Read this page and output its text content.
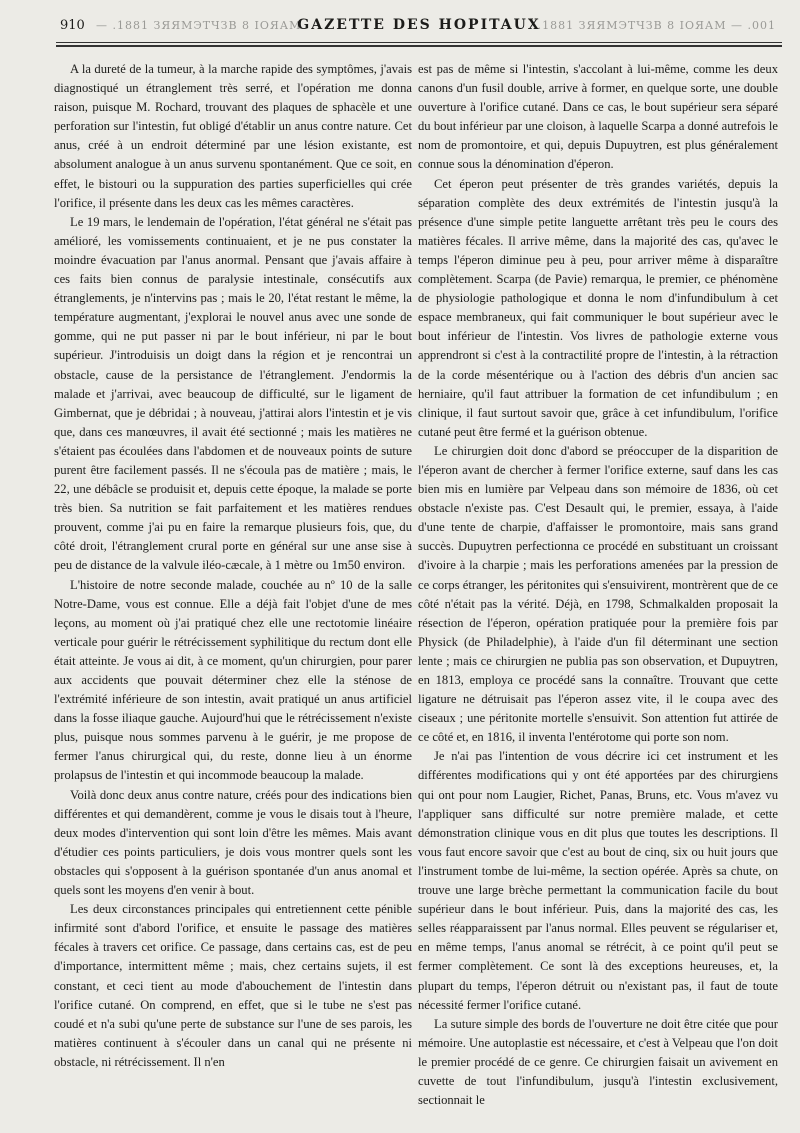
910 — .1881 ЗЯЯМЭТЧЗВ 8 ІОЯАМ
GAZETTE DES HOPITAUX
.1881 ЗЯЯМЭТЧЗВ 8 ІОЯАМ — .001

A la dureté de la tumeur, à la marche rapide des symptômes, j'avais diagnostiqué un étranglement très serré, et l'opération me donna raison, puisque M. Rochard, trouvant des plaques de sphacèle et une perforation sur l'intestin, fut obligé d'établir un anus contre nature. Cet anus, créé à un endroit déterminé par une lésion existante, est absolument analogue à un anus survenu spontanément. Que ce soit, en effet, le bistouri ou la suppuration des parties superficielles qui crée l'orifice, il présente dans les deux cas les mêmes caractères.

Le 19 mars, le lendemain de l'opération, l'état général ne s'était pas amélioré, les vomissements continuaient, et je ne pus constater la moindre évacuation par l'anus anormal. Pensant que j'avais affaire à ces faits bien connus de paralysie intestinale, consécutifs aux étranglements, je n'intervins pas ; mais le 20, l'état restant le même, la température augmentant, j'explorai le nouvel anus avec une sonde de gomme, qui ne put passer ni par le bout inférieur, ni par le bout supérieur. J'introduisis un doigt dans la région et je rencontrai un obstacle, cause de la persistance de l'étranglement. J'endormis la malade et j'arrivai, avec beaucoup de difficulté, sur le ligament de Gimbernat, que je débridai ; à nouveau, j'attirai alors l'intestin et je vis que, dans ces manœuvres, il avait été sectionné ; mais les matières ne s'étaient pas écoulées dans l'abdomen et de nouveaux points de suture purent être facilement passés. Il ne s'écoula pas de matière ; mais, le 22, une débâcle se produisit et, depuis cette époque, la malade se porte très bien. Sa nutrition se fait parfaitement et les matières rendues prouvent, comme j'ai pu en faire la remarque plusieurs fois, que, du côté droit, l'étranglement crural porte en général sur une anse sise à peu de distance de la valvule iléo-cæcale, à 1 mètre ou 1m50 environ.

L'histoire de notre seconde malade, couchée au nº 10 de la salle Notre-Dame, vous est connue. Elle a déjà fait l'objet d'une de mes leçons, au moment où j'ai pratiqué chez elle une rectotomie linéaire verticale pour guérir le rétrécissement syphilitique du rectum dont elle était atteinte. Je vous ai dit, à ce moment, qu'un chirurgien, pour parer aux accidents que pouvait déterminer chez elle la sténose de l'extrémité inférieure de son intestin, avait pratiqué un anus artificiel dans la fosse iliaque gauche. Aujourd'hui que le rétrécissement n'existe plus, puisque nous sommes parvenu à le guérir, je me propose de fermer l'anus chirurgical qui, du reste, donne lieu à un énorme prolapsus de l'intestin et qui incommode beaucoup la malade.

Voilà donc deux anus contre nature, créés pour des indications bien différentes et qui demandèrent, comme je vous le disais tout à l'heure, deux modes d'intervention qui sont loin d'être les mêmes. Mais avant d'étudier ces points particuliers, je dois vous montrer quels sont les obstacles qui s'opposent à la guérison spontanée d'un anus anomal et quels sont les moyens d'en venir à bout.

Les deux circonstances principales qui entretiennent cette pénible infirmité sont d'abord l'orifice, et ensuite le passage des matières fécales à travers cet orifice. Ce passage, dans certains cas, est de peu d'importance, intermittent même ; mais, chez certains sujets, il est constant, et ceci tient au mode d'abouchement de l'intestin dans l'orifice cutané. On comprend, en effet, que si le tube ne s'est pas coudé et n'a subi qu'une perte de substance sur l'une de ses parois, les matières continuent à s'écouler dans un canal qui ne présente ni obstacle, ni rétrécissement. Il n'en

est pas de même si l'intestin, s'accolant à lui-même, comme les deux canons d'un fusil double, arrive à former, en quelque sorte, une double ouverture à l'orifice cutané. Dans ce cas, le bout supérieur sera séparé du bout inférieur par une cloison, à laquelle Scarpa a donné autrefois le nom de promontoire, et qui, depuis Dupuytren, est plus généralement connue sous la dénomination d'éperon.

Cet éperon peut présenter de très grandes variétés, depuis la séparation complète des deux extrémités de l'intestin jusqu'à la présence d'une simple petite languette arrêtant très peu le cours des matières fécales. Il arrive même, dans la majorité des cas, qu'avec le temps l'éperon diminue peu à peu, pour arriver même à disparaître complètement. Scarpa (de Pavie) remarqua, le premier, ce phénomène de physiologie pathologique et donna le nom d'infundibulum à cet espace membraneux, qui fait communiquer le bout supérieur avec le bout inférieur de l'intestin. Vos livres de pathologie externe vous apprendront si c'est à la contractilité propre de l'intestin, à la rétraction de la corde mésentérique ou à l'action des débris d'un ancien sac herniaire, qu'il faut attribuer la formation de cet infundibulum ; en clinique, il faut surtout savoir que, grâce à cet infundibulum, l'orifice cutané peut être fermé et la guérison obtenue.

Le chirurgien doit donc d'abord se préoccuper de la disparition de l'éperon avant de chercher à fermer l'orifice externe, sauf dans les cas bien mis en lumière par Velpeau dans son mémoire de 1836, où cet obstacle n'existe pas. C'est Desault qui, le premier, essaya, à l'aide d'une tente de charpie, d'affaisser le promontoire, mais sans grand succès. Dupuytren perfectionna ce procédé en substituant un croissant d'ivoire à la charpie ; mais les perforations amenées par la pression de ce corps étranger, les péritonites qui s'ensuivirent, montrèrent que de ce côté n'était pas la vérité. Déjà, en 1798, Schmalkalden proposait la résection de l'éperon, opération pratiquée pour la première fois par Physick (de Philadelphie), à l'aide d'un fil déterminant une section lente ; mais ce chirurgien ne publia pas son observation, et Dupuytren, en 1813, employa ce procédé sans la connaître. Trouvant que cette ligature ne détruisait pas l'éperon assez vite, il le coupa avec des ciseaux ; une péritonite mortelle s'ensuivit. Son attention fut attirée de ce côté et, en 1816, il inventa l'entérotome qui porte son nom.

Je n'ai pas l'intention de vous décrire ici cet instrument et les différentes modifications qui y ont été apportées par des chirurgiens qui ont pour nom Laugier, Richet, Panas, Bruns, etc. Vous m'avez vu l'appliquer sans difficulté sur notre première malade, et cette démonstration clinique vous en dit plus que toutes les descriptions. Il vous faut encore savoir que c'est au bout de cinq, six ou huit jours que l'instrument tombe de lui-même, la section opérée. Après sa chute, on trouve une large brèche permettant la communication facile du bout supérieur dans le bout inférieur. Puis, dans la majorité des cas, les selles réapparaissent par l'anus normal. Elles peuvent se régulariser et, en même temps, l'anus anomal se rétrécit, à ce point qu'il peut se fermer complètement. Ce sont là des exceptions heureuses, et, la plupart du temps, l'éperon détruit ou n'existant pas, il faut de toute nécessité fermer l'orifice cutané.

La suture simple des bords de l'ouverture ne doit être citée que pour mémoire. Une autoplastie est nécessaire, et c'est à Velpeau que l'on doit le premier procédé de ce genre. Ce chirurgien faisait un avivement en cuvette de tout l'infundibulum, jusqu'à l'intestin exclusivement, sectionnait le
